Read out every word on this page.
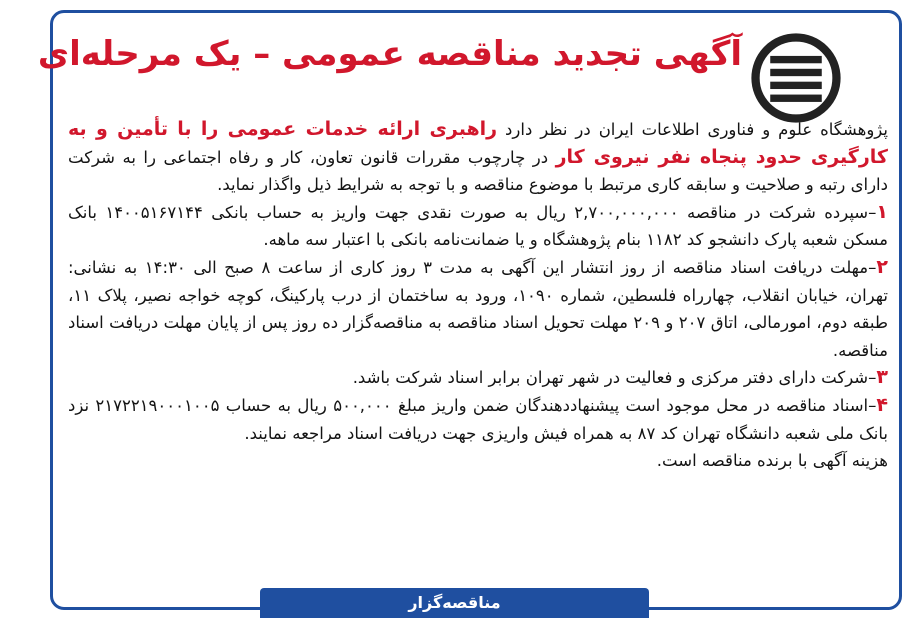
آگهی تجدید مناقصه عمومی – یک مرحله‌ای

پژوهشگاه علوم و فناوری اطلاعات ایران در نظر دارد راهبری ارائه خدمات عمومی را با تأمین و به کارگیری حدود پنجاه نفر نیروی کار در چارچوب مقررات قانون تعاون، کار و رفاه اجتماعی را به شرکت دارای رتبه و صلاحیت و سابقه کاری مرتبط با موضوع مناقصه و با توجه به شرایط ذیل واگذار نماید.

۱–سپرده شرکت در مناقصه ۲,۷۰۰,۰۰۰,۰۰۰ ریال به صورت نقدی جهت واریز به حساب بانکی ۱۴۰۰۵۱۶۷۱۴۴ بانک مسکن شعبه پارک دانشجو کد ۱۱۸۲ بنام پژوهشگاه و یا ضمانت‌نامه بانکی با اعتبار سه ماهه.

۲–مهلت دریافت اسناد مناقصه از روز انتشار این آگهی به مدت ۳ روز کاری از ساعت ۸ صبح الی ۱۴:۳۰ به نشانی: تهران، خیابان انقلاب، چهارراه فلسطین، شماره ۱۰۹۰، ورود به ساختمان از درب پارکینگ، کوچه خواجه نصیر، پلاک ۱۱، طبقه دوم، امورمالی، اتاق ۲۰۷ و ۲۰۹ مهلت تحویل اسناد مناقصه به مناقصه‌گزار ده روز پس از پایان مهلت دریافت اسناد مناقصه.

۳–شرکت دارای دفتر مرکزی و فعالیت در شهر تهران برابر اسناد شرکت باشد.

۴–اسناد مناقصه در محل موجود است پیشنهاددهندگان ضمن واریز مبلغ ۵۰۰,۰۰۰ ریال به حساب ۲۱۷۲۲۱۹۰۰۰۱۰۰۵ نزد بانک ملی شعبه دانشگاه تهران کد ۸۷ به همراه فیش واریزی جهت دریافت اسناد مراجعه نمایند.

هزینه آگهی با برنده مناقصه است.

مناقصه‌گزار
